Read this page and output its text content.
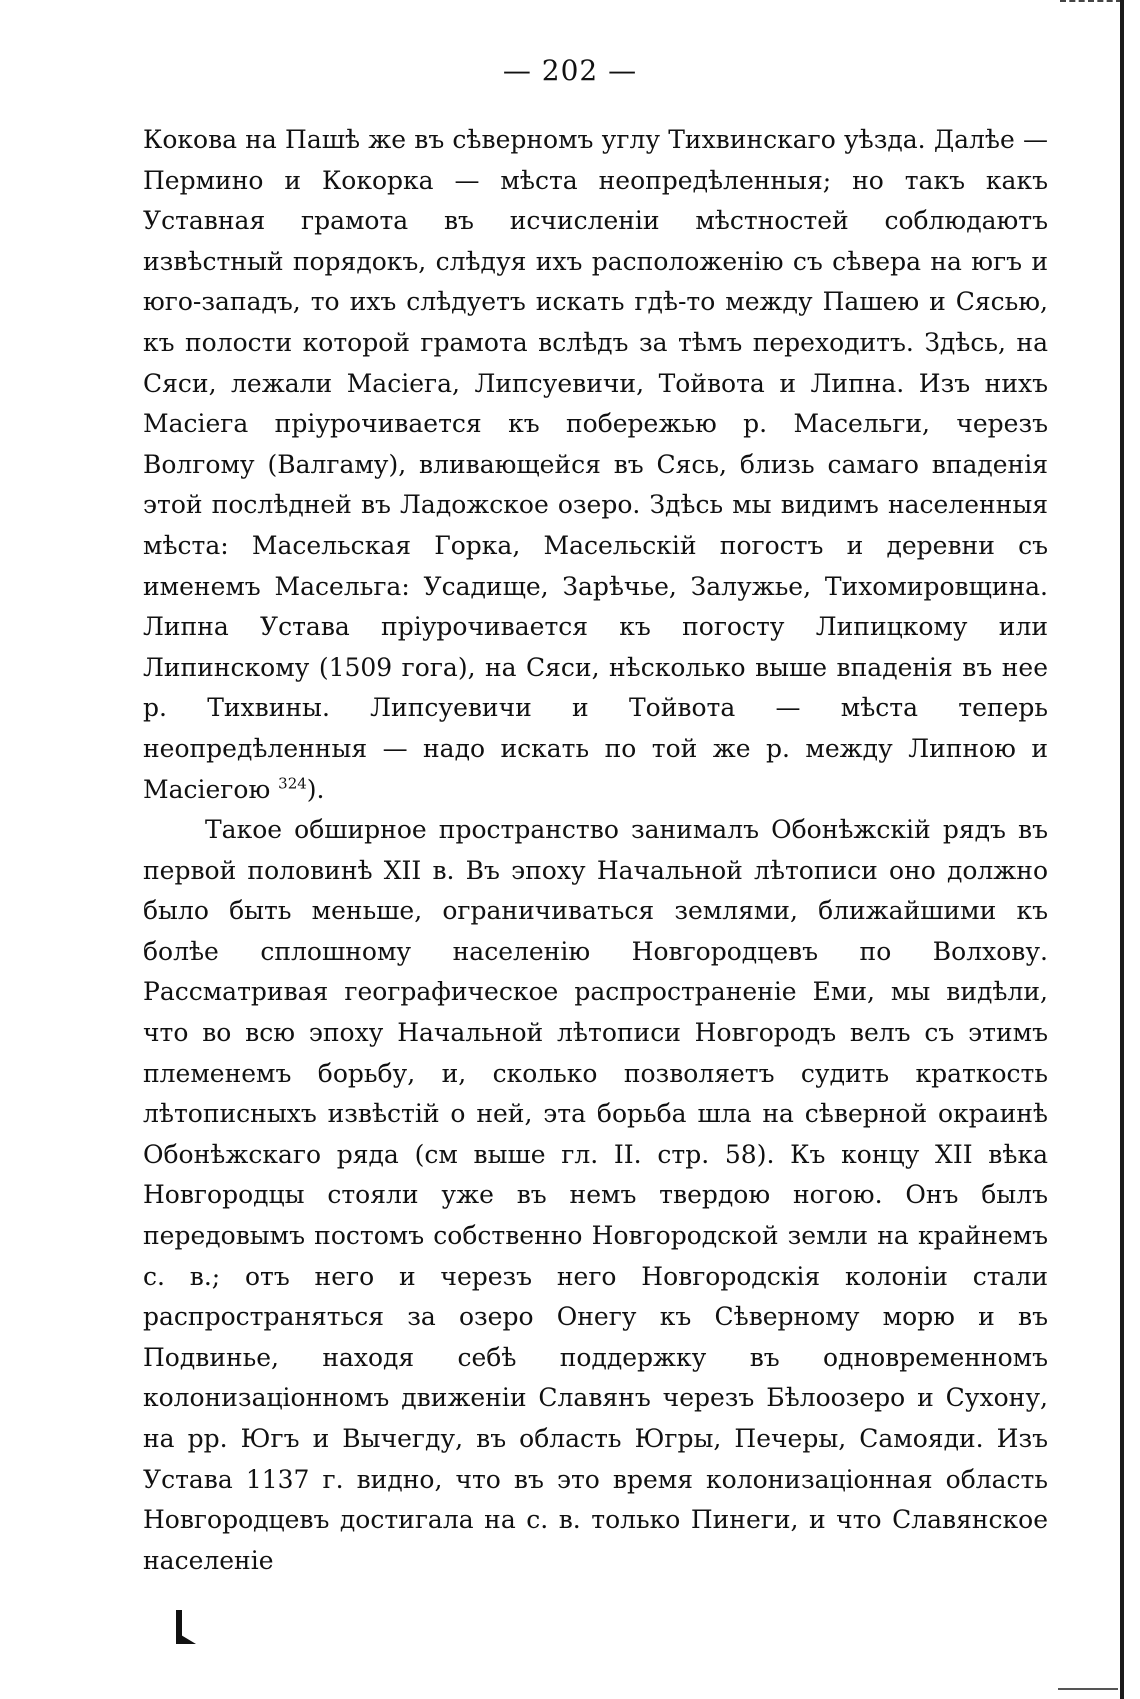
— 202 —

Кокова на Пашѣ же въ сѣверномъ углу Тихвинскаго уѣзда. Далѣе — Пермино и Кокорка — мѣста неопредѣленныя; но такъ какъ Уставная грамота въ исчисленіи мѣстностей соблюдаютъ извѣстный порядокъ, слѣдуя ихъ расположенію съ сѣвера на югъ и юго-западъ, то ихъ слѣдуетъ искать гдѣ-то между Пашею и Сясью, къ полости которой грамота вслѣдъ за тѣмъ переходитъ. Здѣсь, на Сяси, лежали Масіега, Липсуевичи, Тойвота и Липна. Изъ нихъ Масіега пріурочивается къ побережью р. Масельги, черезъ Волгому (Валгаму), вливающейся въ Сясь, близь самаго впаденія этой послѣдней въ Ладожское озеро. Здѣсь мы видимъ населенныя мѣста: Масельская Горка, Масельскій погостъ и деревни съ именемъ Масельга: Усадище, Зарѣчье, Залужье, Тихомировщина. Липна Устава пріурочивается къ погосту Липицкому или Липинскому (1509 гога), на Сяси, нѣсколько выше впаденія въ нее р. Тихвины. Липсуевичи и Тойвота — мѣста теперь неопредѣленныя — надо искать по той же р. между Липною и Масіегою $^{324}$).

Такое обширное пространство занималъ Обонѣжскій рядъ въ первой половинѣ XII в. Въ эпоху Начальной лѣтописи оно должно было быть меньше, ограничиваться землями, ближайшими къ болѣе сплошному населенію Новгородцевъ по Волхову. Рассматривая географическое распространеніе Еми, мы видѣли, что во всю эпоху Начальной лѣтописи Новгородъ велъ съ этимъ племенемъ борьбу, и, сколько позволяетъ судить краткость лѣтописныхъ извѣстій о ней, эта борьба шла на сѣверной окраинѣ Обонѣжскаго ряда (см выше гл. II. стр. 58). Къ концу XII вѣка Новгородцы стояли уже въ немъ твердою ногою. Онъ былъ передовымъ постомъ собственно Новгородской земли на крайнемъ с. в.; отъ него и черезъ него Новгородскія колоніи стали распространяться за озеро Онегу къ Сѣверному морю и въ Подвинье, находя себѣ поддержку въ одновременномъ колонизаціонномъ движеніи Славянъ черезъ Бѣлоозеро и Сухону, на рр. Югъ и Вычегду, въ область Югры, Печеры, Самояди. Изъ Устава 1137 г. видно, что въ это время колонизаціонная область Новгородцевъ достигала на с. в. только Пинеги, и что Славянское населеніе
